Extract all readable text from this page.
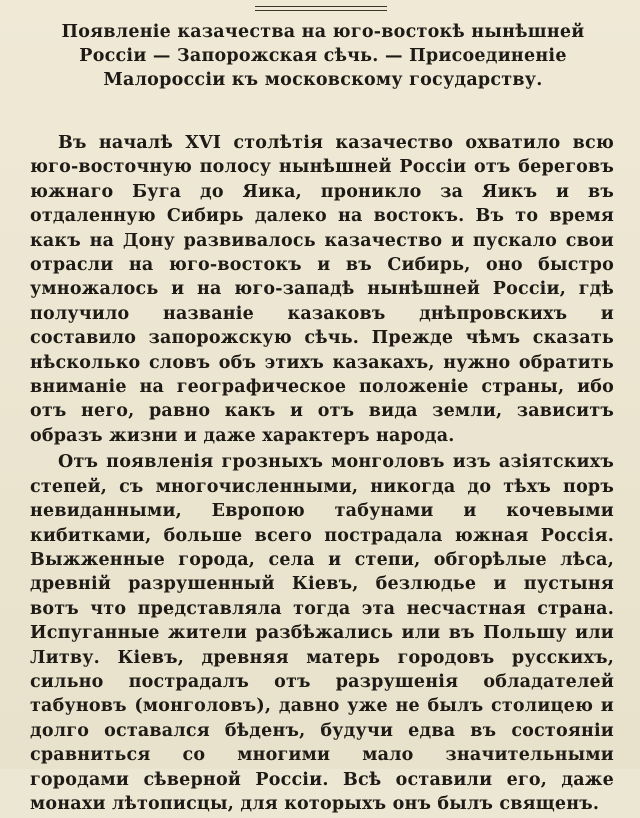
Появленіе казачества на юго-востокѣ нынѣшней Россіи — Запорожская сѣчь. — Присоединеніе Малороссіи къ московскому государству.

Въ началѣ XVI столѣтія казачество охватило всю юго-восточную полосу нынѣшней Россіи отъ береговъ южнаго Буга до Яика, проникло за Яикъ и въ отдаленную Сибирь далеко на востокъ. Въ то время какъ на Дону развивалось казачество и пускало свои отрасли на юго-востокъ и въ Сибирь, оно быстро умножалось и на юго-западѣ нынѣшней Россіи, гдѣ получило названіе казаковъ днѣпровскихъ и составило запорожскую сѣчь. Прежде чѣмъ сказать нѣсколько словъ объ этихъ казакахъ, нужно обратить вниманіе на географическое положеніе страны, ибо отъ него, равно какъ и отъ вида земли, зависитъ образъ жизни и даже характеръ народа.

Отъ появленія грозныхъ монголовъ изъ азіятскихъ степей, съ многочисленными, никогда до тѣхъ поръ невиданными, Европою табунами и кочевыми кибитками, больше всего пострадала южная Россія. Выжженные города, села и степи, обгорѣлые лѣса, древній разрушенный Кіевъ, безлюдье и пустыня вотъ что представляла тогда эта несчастная страна. Испуганные жители разбѣжались или въ Польшу или Литву. Кіевъ, древняя матерь городовъ русскихъ, сильно пострадалъ отъ разрушенія обладателей табуновъ (монголовъ), давно уже не былъ столицею и долго оставался бѣденъ, будучи едва въ состояніи сравниться со многими мало значительными городами сѣверной Россіи. Всѣ оставили его, даже монахи лѣтописцы, для которыхъ онъ былъ священъ.
